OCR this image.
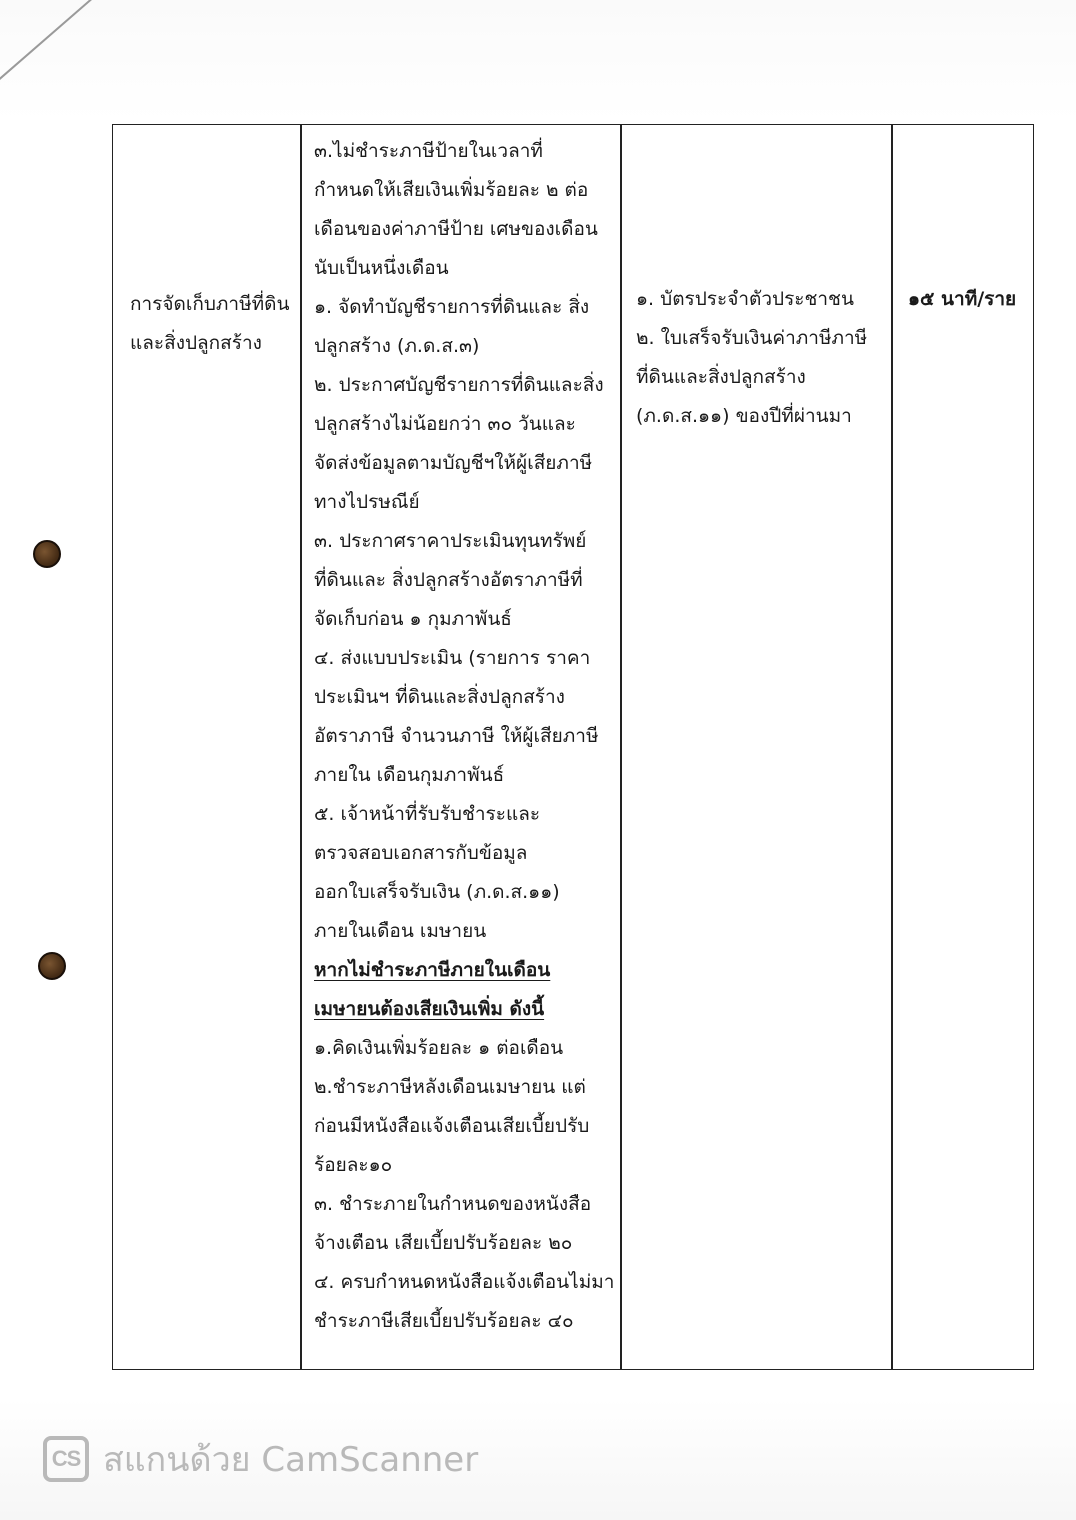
การจัดเก็บภาษีที่ดิน
และสิ่งปลูกสร้าง
๓.ไม่ชำระภาษีป้ายในเวลาที่
กำหนดให้เสียเงินเพิ่มร้อยละ ๒ ต่อ
เดือนของค่าภาษีป้าย เศษของเดือน
นับเป็นหนึ่งเดือน
๑. จัดทำบัญชีรายการที่ดินและ สิ่ง
ปลูกสร้าง (ภ.ด.ส.๓)
๒. ประกาศบัญชีรายการที่ดินและสิ่ง
ปลูกสร้างไม่น้อยกว่า ๓๐ วันและ
จัดส่งข้อมูลตามบัญชีฯให้ผู้เสียภาษี
ทางไปรษณีย์
๓. ประกาศราคาประเมินทุนทรัพย์
ที่ดินและ สิ่งปลูกสร้างอัตราภาษีที่
จัดเก็บก่อน ๑ กุมภาพันธ์
๔. ส่งแบบประเมิน (รายการ ราคา
ประเมินฯ ที่ดินและสิ่งปลูกสร้าง
อัตราภาษี จำนวนภาษี ให้ผู้เสียภาษี
ภายใน เดือนกุมภาพันธ์
๕. เจ้าหน้าที่รับรับชำระและ
ตรวจสอบเอกสารกับข้อมูล
ออกใบเสร็จรับเงิน (ภ.ด.ส.๑๑)
ภายในเดือน เมษายน
หากไม่ชำระภาษีภายในเดือน
เมษายนต้องเสียเงินเพิ่ม ดังนี้
๑.คิดเงินเพิ่มร้อยละ ๑ ต่อเดือน
๒.ชำระภาษีหลังเดือนเมษายน แต่
ก่อนมีหนังสือแจ้งเตือนเสียเบี้ยปรับ
ร้อยละ๑๐
๓. ชำระภายในกำหนดของหนังสือ
จ้างเตือน เสียเบี้ยปรับร้อยละ ๒๐
๔. ครบกำหนดหนังสือแจ้งเตือนไม่มา
ชำระภาษีเสียเบี้ยปรับร้อยละ ๔๐
๑. บัตรประจำตัวประชาชน
๒. ใบเสร็จรับเงินค่าภาษีภาษี
ที่ดินและสิ่งปลูกสร้าง
(ภ.ด.ส.๑๑) ของปีที่ผ่านมา
๑๕ นาที/ราย
CS สแกนด้วย CamScanner
